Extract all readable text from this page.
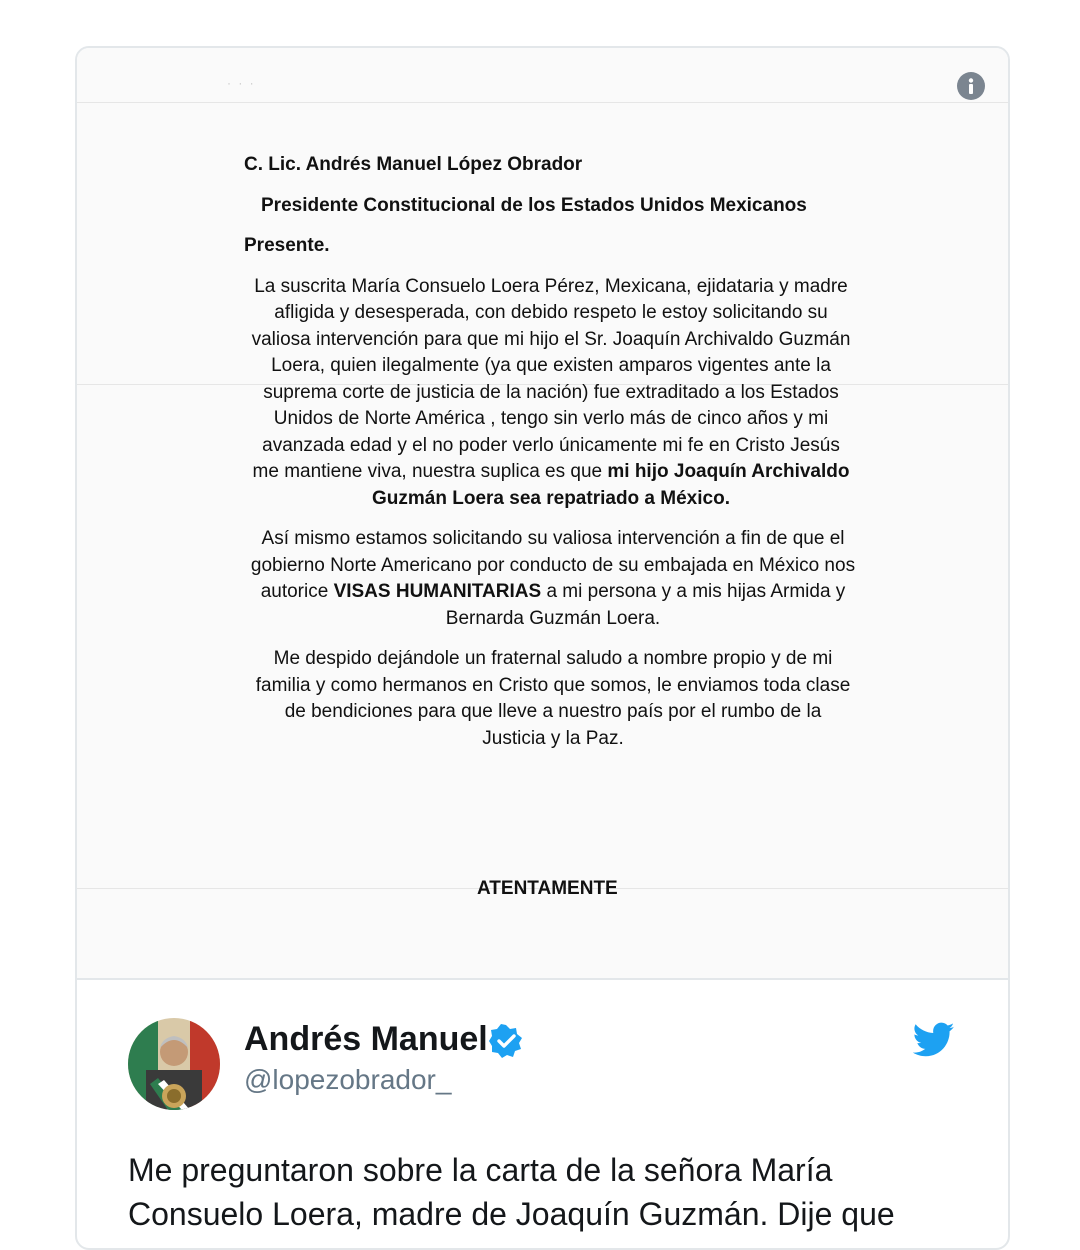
· · ·

C. Lic. Andrés Manuel López Obrador

Presidente Constitucional de los Estados Unidos Mexicanos

Presente.

La suscrita María Consuelo Loera Pérez, Mexicana, ejidataria y madre afligida y desesperada, con debido respeto le estoy solicitando su valiosa intervención para que mi hijo el Sr. Joaquín Archivaldo Guzmán Loera, quien ilegalmente (ya que existen amparos vigentes ante la suprema corte de justicia de la nación) fue extraditado a los Estados Unidos de Norte América , tengo sin verlo más de cinco años y mi avanzada edad y el no poder verlo únicamente mi fe en Cristo Jesús me mantiene viva, nuestra suplica es que mi hijo Joaquín Archivaldo Guzmán Loera sea repatriado a México.

Así mismo estamos solicitando su valiosa intervención a fin de que el gobierno Norte Americano por conducto de su embajada en México nos autorice VISAS HUMANITARIAS a mi persona y a mis hijas Armida y Bernarda Guzmán Loera.

Me despido dejándole un fraternal saludo a nombre propio y de mi familia y como hermanos en Cristo que somos, le enviamos toda clase de bendiciones para que lleve a nuestro país por el rumbo de la Justicia y la Paz.

ATENTAMENTE
Andrés Manuel
@lopezobrador_
Me preguntaron sobre la carta de la señora María Consuelo Loera, madre de Joaquín Guzmán. Dije que
